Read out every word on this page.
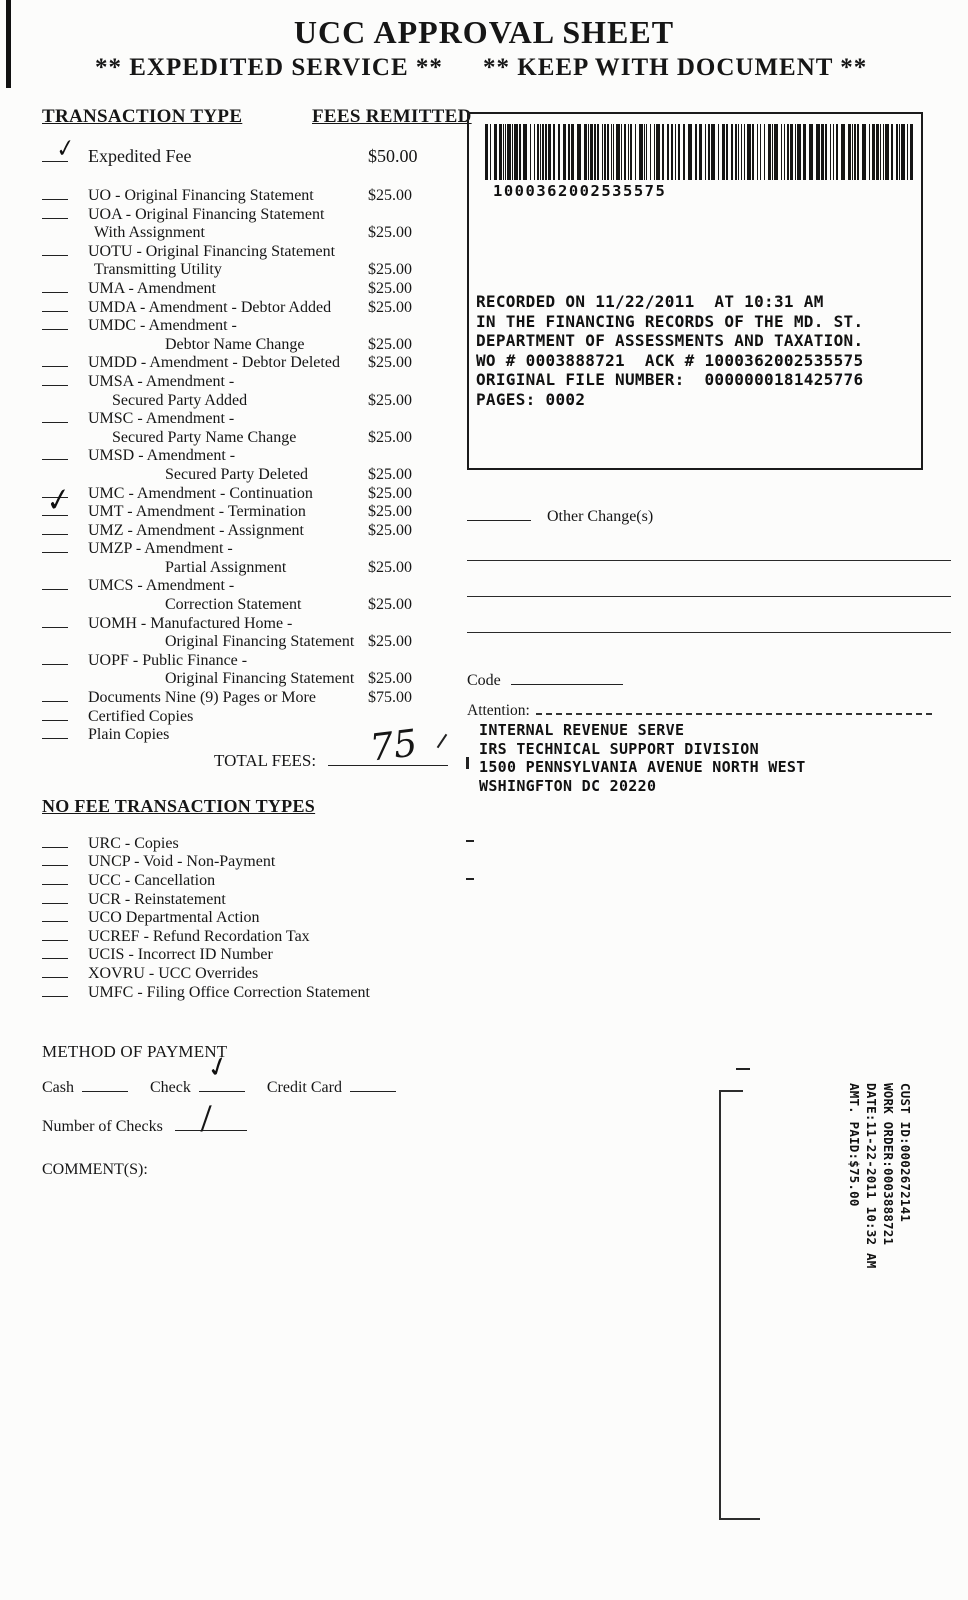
UCC APPROVAL SHEET
** EXPEDITED SERVICE ** ** KEEP WITH DOCUMENT **
TRANSACTION TYPE	FEES REMITTED
✓ Expedited Fee	$50.00
UO - Original Financing Statement	$25.00
UOA - Original Financing Statement
With Assignment	$25.00
UOTU - Original Financing Statement
Transmitting Utility	$25.00
UMA - Amendment	$25.00
UMDA - Amendment - Debtor Added $25.00
UMDC - Amendment -
Debtor Name Change	$25.00
UMDD - Amendment - Debtor Deleted $25.00
UMSA - Amendment -
Secured Party Added	$25.00
UMSC - Amendment -
Secured Party Name Change	$25.00
UMSD - Amendment -
Secured Party Deleted	$25.00
UMC - Amendment - Continuation	$25.00
✓ UMT - Amendment - Termination	$25.00
UMZ - Amendment - Assignment	$25.00
UMZP - Amendment -
Partial Assignment	$25.00
UMCS - Amendment -
Correction Statement	$25.00
UOMH - Manufactured Home -
Original Financing Statement $25.00
UOPF - Public Finance -
Original Financing Statement $25.00
Documents Nine (9) Pages or More	$75.00
Certified Copies
Plain Copies
TOTAL FEES: 75
NO FEE TRANSACTION TYPES
URC - Copies
UNCP - Void - Non-Payment
UCC - Cancellation
UCR - Reinstatement
UCO Departmental Action
UCREF - Refund Recordation Tax
UCIS - Incorrect ID Number
XOVRU - UCC Overrides
UMFC - Filing Office Correction Statement
METHOD OF PAYMENT
Cash	Check
✓
Credit Card
Number of Checks /
COMMENT(S):
1000362002535575
RECORDED ON 11/22/2011  AT 10:31 AM
IN THE FINANCING RECORDS OF THE MD. ST.
DEPARTMENT OF ASSESSMENTS AND TAXATION.
WO # 0003888721  ACK # 1000362002535575
ORIGINAL FILE NUMBER:  0000000181425776
PAGES: 0002
Other Change(s)
Code
Attention:
INTERNAL REVENUE SERVE
IRS TECHNICAL SUPPORT DIVISION
1500 PENNSYLVANIA AVENUE NORTH WEST
WSHINGFTON DC 20220
CUST ID:0002672141
WORK ORDER:0003888721
DATE:11-22-2011 10:32 AM
AMT. PAID:$75.00
